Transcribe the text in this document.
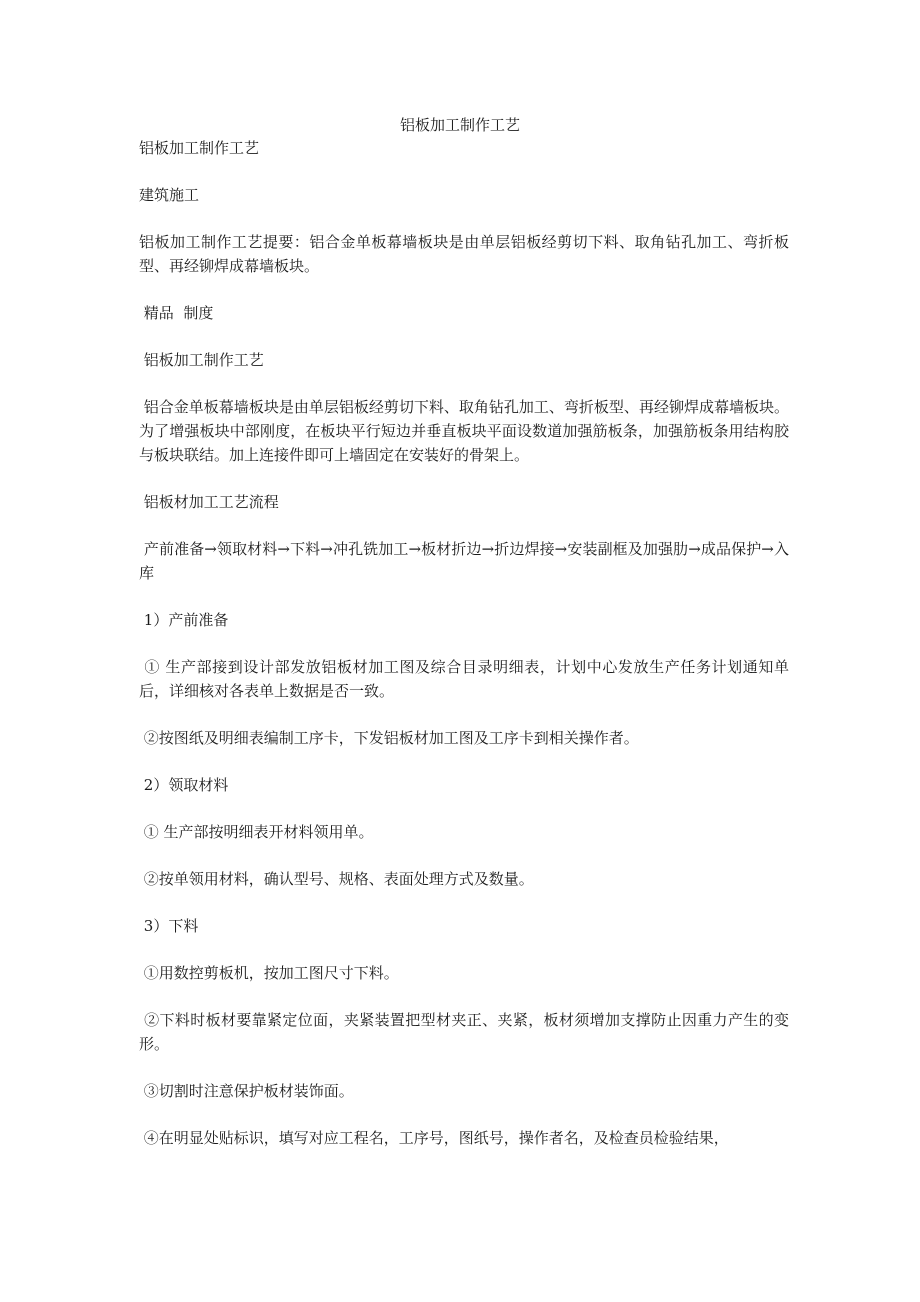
铝板加工制作工艺

铝板加工制作工艺

建筑施工

铝板加工制作工艺提要：铝合金单板幕墙板块是由单层铝板经剪切下料、取角钻孔加工、弯折板型、再经铆焊成幕墙板块。

精品  制度

铝板加工制作工艺

铝合金单板幕墙板块是由单层铝板经剪切下料、取角钻孔加工、弯折板型、再经铆焊成幕墙板块。为了增强板块中部刚度，在板块平行短边并垂直板块平面设数道加强筋板条，加强筋板条用结构胶与板块联结。加上连接件即可上墙固定在安装好的骨架上。

铝板材加工工艺流程

产前准备→领取材料→下料→冲孔铣加工→板材折边→折边焊接→安装副框及加强肋→成品保护→入库

1）产前准备

① 生产部接到设计部发放铝板材加工图及综合目录明细表，计划中心发放生产任务计划通知单后，详细核对各表单上数据是否一致。

②按图纸及明细表编制工序卡，下发铝板材加工图及工序卡到相关操作者。

2）领取材料

① 生产部按明细表开材料领用单。

②按单领用材料，确认型号、规格、表面处理方式及数量。

3）下料

①用数控剪板机，按加工图尺寸下料。

②下料时板材要靠紧定位面，夹紧装置把型材夹正、夹紧，板材须增加支撑防止因重力产生的变形。

③切割时注意保护板材装饰面。

④在明显处贴标识，填写对应工程名，工序号，图纸号，操作者名，及检查员检验结果，
